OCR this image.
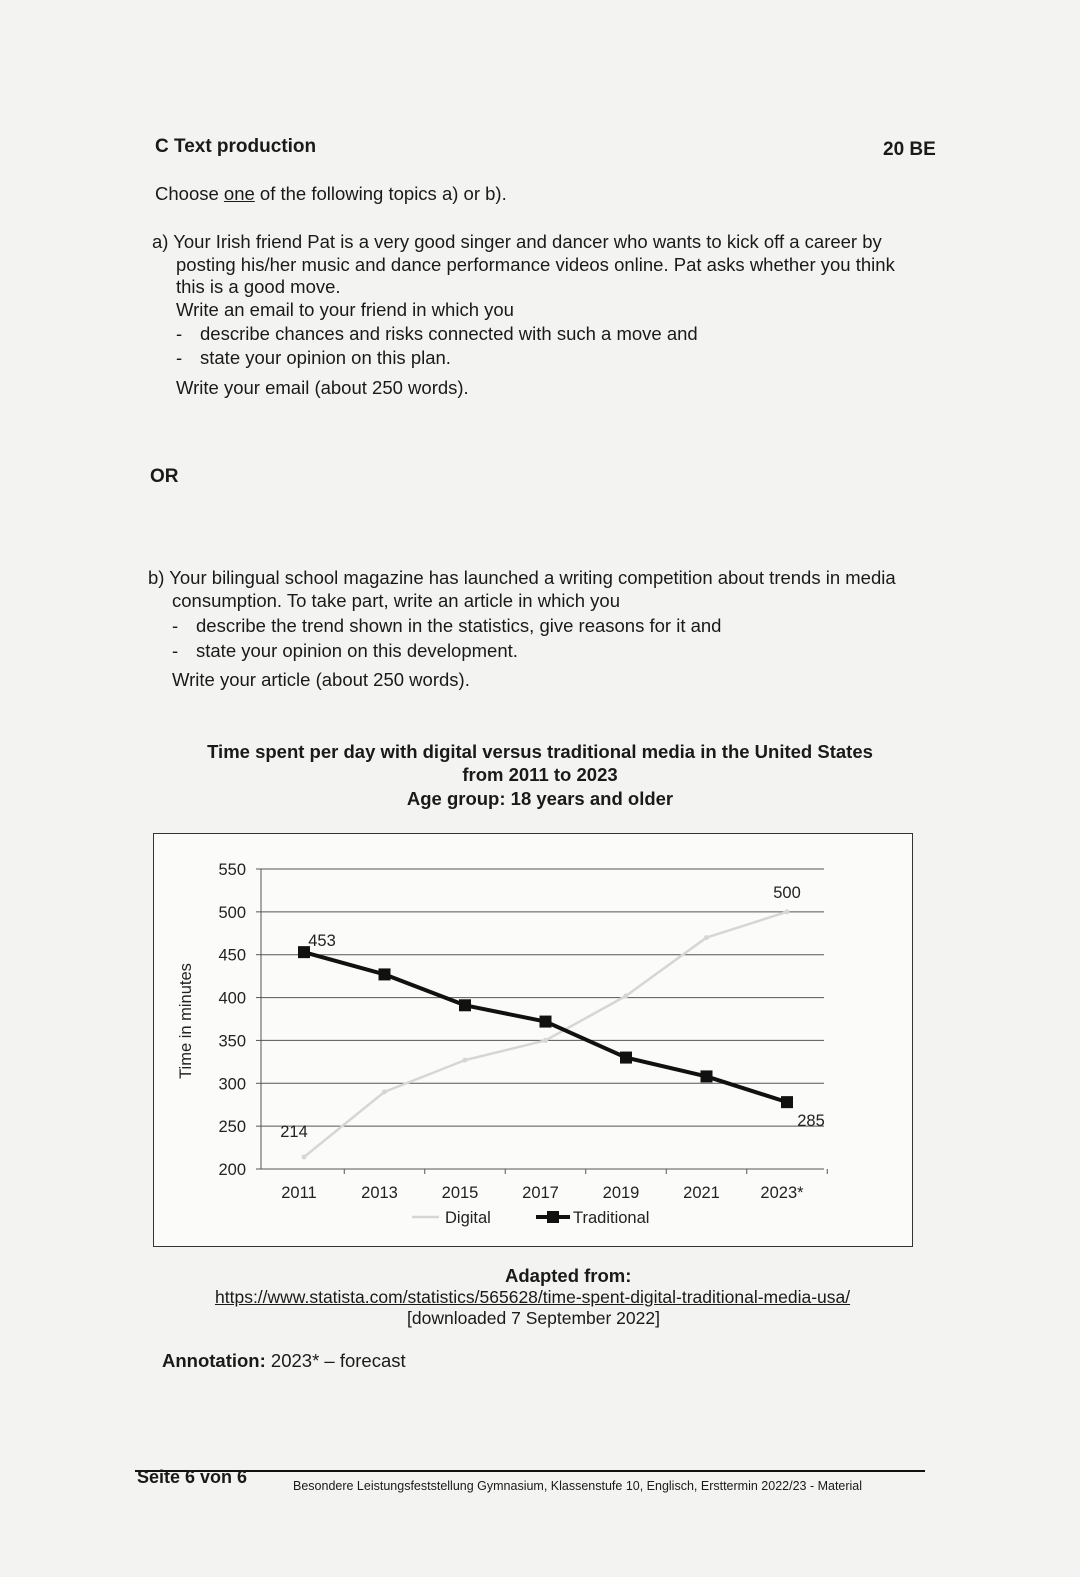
C Text production	20 BE
Choose one of the following topics a) or b).
a) Your Irish friend Pat is a very good singer and dancer who wants to kick off a career by
posting his/her music and dance performance videos online. Pat asks whether you think
this is a good move.
Write an email to your friend in which you
- describe chances and risks connected with such a move and
- state your opinion on this plan.
Write your email (about 250 words).
OR
b) Your bilingual school magazine has launched a writing competition about trends in media
consumption. To take part, write an article in which you
- describe the trend shown in the statistics, give reasons for it and
- state your opinion on this development.
Write your article (about 250 words).
Time spent per day with digital versus traditional media in the United States
from 2011 to 2023
Age group: 18 years and older
550
500
450
400
350
300
250
200
2011	2013	2015	2017	2019	2021 2023*
Time in minutes
214
500
453
285
Digital	Traditional
Adapted from:
https://www.statista.com/statistics/565628/time-spent-digital-traditional-media-usa/
[downloaded 7 September 2022]
Annotation: 2023* – forecast
Seite 6 von 6	Besondere Leistungsfeststellung Gymnasium, Klassenstufe 10, Englisch, Ersttermin 2022/23 - Material
